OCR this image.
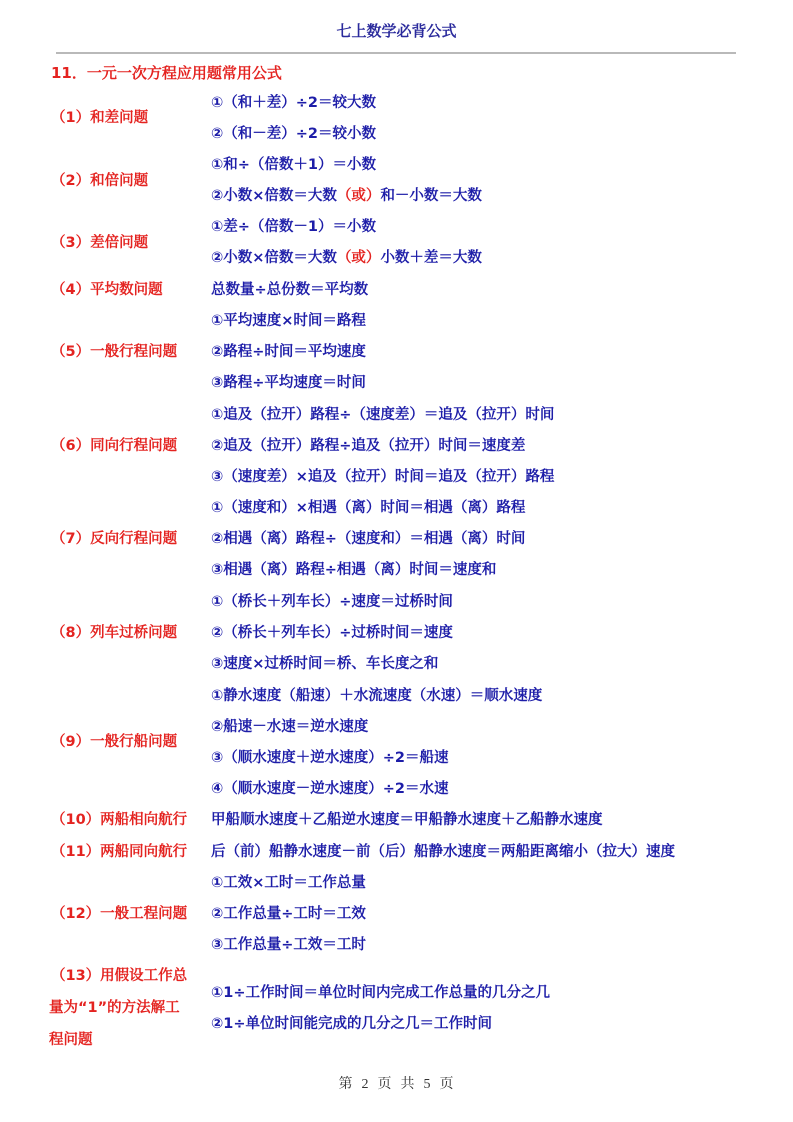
七上数学必背公式
11．一元一次方程应用题常用公式
（1）和差问题
①（和＋差）÷2＝较大数
②（和－差）÷2＝较小数
（2）和倍问题
①和÷（倍数＋1）＝小数
②小数×倍数＝大数（或）和－小数＝大数
（3）差倍问题
①差÷（倍数－1）＝小数
②小数×倍数＝大数（或）小数＋差＝大数
（4）平均数问题	总数量÷总份数＝平均数
（5）一般行程问题
①平均速度×时间＝路程
②路程÷时间＝平均速度
③路程÷平均速度＝时间
（6）同向行程问题
①追及（拉开）路程÷（速度差）＝追及（拉开）时间
②追及（拉开）路程÷追及（拉开）时间＝速度差
③（速度差）×追及（拉开）时间＝追及（拉开）路程
（7）反向行程问题
①（速度和）×相遇（离）时间＝相遇（离）路程
②相遇（离）路程÷（速度和）＝相遇（离）时间
③相遇（离）路程÷相遇（离）时间＝速度和
（8）列车过桥问题
①（桥长＋列车长）÷速度＝过桥时间
②（桥长＋列车长）÷过桥时间＝速度
③速度×过桥时间＝桥、车长度之和
（9）一般行船问题
①静水速度（船速）＋水流速度（水速）＝顺水速度
②船速－水速＝逆水速度
③（顺水速度＋逆水速度）÷2＝船速
④（顺水速度－逆水速度）÷2＝水速
（10）两船相向航行 甲船顺水速度＋乙船逆水速度＝甲船静水速度＋乙船静水速度
（11）两船同向航行 后（前）船静水速度－前（后）船静水速度＝两船距离缩小（拉大）速度
（12）一般工程问题
①工效×工时＝工作总量
②工作总量÷工时＝工效
③工作总量÷工效＝工时
（13）用假设工作总
量为“1”的方法解工
程问题
①1÷工作时间＝单位时间内完成工作总量的几分之几
②1÷单位时间能完成的几分之几＝工作时间
第 2 页 共 5 页
